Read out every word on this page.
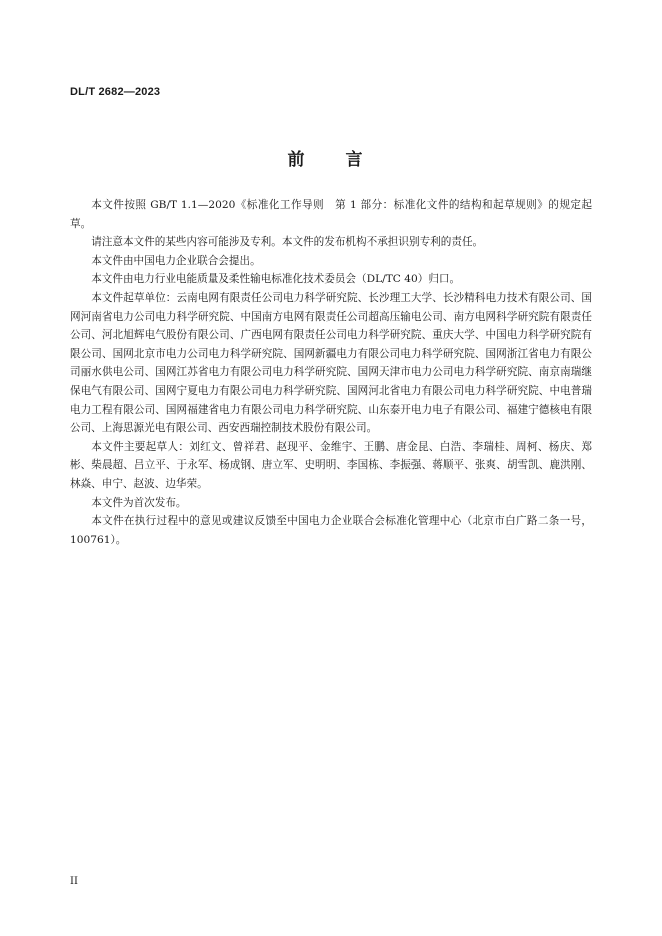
DL/T 2682—2023

前　言

本文件按照 GB/T 1.1—2020《标准化工作导则　第 1 部分：标准化文件的结构和起草规则》的规定起草。

请注意本文件的某些内容可能涉及专利。本文件的发布机构不承担识别专利的责任。

本文件由中国电力企业联合会提出。

本文件由电力行业电能质量及柔性输电标准化技术委员会（DL/TC 40）归口。

本文件起草单位：云南电网有限责任公司电力科学研究院、长沙理工大学、长沙精科电力技术有限公司、国网河南省电力公司电力科学研究院、中国南方电网有限责任公司超高压输电公司、南方电网科学研究院有限责任公司、河北旭辉电气股份有限公司、广西电网有限责任公司电力科学研究院、重庆大学、中国电力科学研究院有限公司、国网北京市电力公司电力科学研究院、国网新疆电力有限公司电力科学研究院、国网浙江省电力有限公司丽水供电公司、国网江苏省电力有限公司电力科学研究院、国网天津市电力公司电力科学研究院、南京南瑞继保电气有限公司、国网宁夏电力有限公司电力科学研究院、国网河北省电力有限公司电力科学研究院、中电普瑞电力工程有限公司、国网福建省电力有限公司电力科学研究院、山东泰开电力电子有限公司、福建宁德核电有限公司、上海思源光电有限公司、西安西瑞控制技术股份有限公司。

本文件主要起草人：刘红文、曾祥君、赵现平、金维宇、王鹏、唐金昆、白浩、李瑞桂、周柯、杨庆、郑彬、柴晨超、吕立平、于永军、杨成钢、唐立军、史明明、李国栋、李振强、蒋顺平、张爽、胡雪凯、鹿洪刚、林焱、申宁、赵波、边华荣。

本文件为首次发布。

本文件在执行过程中的意见或建议反馈至中国电力企业联合会标准化管理中心（北京市白广路二条一号，100761）。

II
